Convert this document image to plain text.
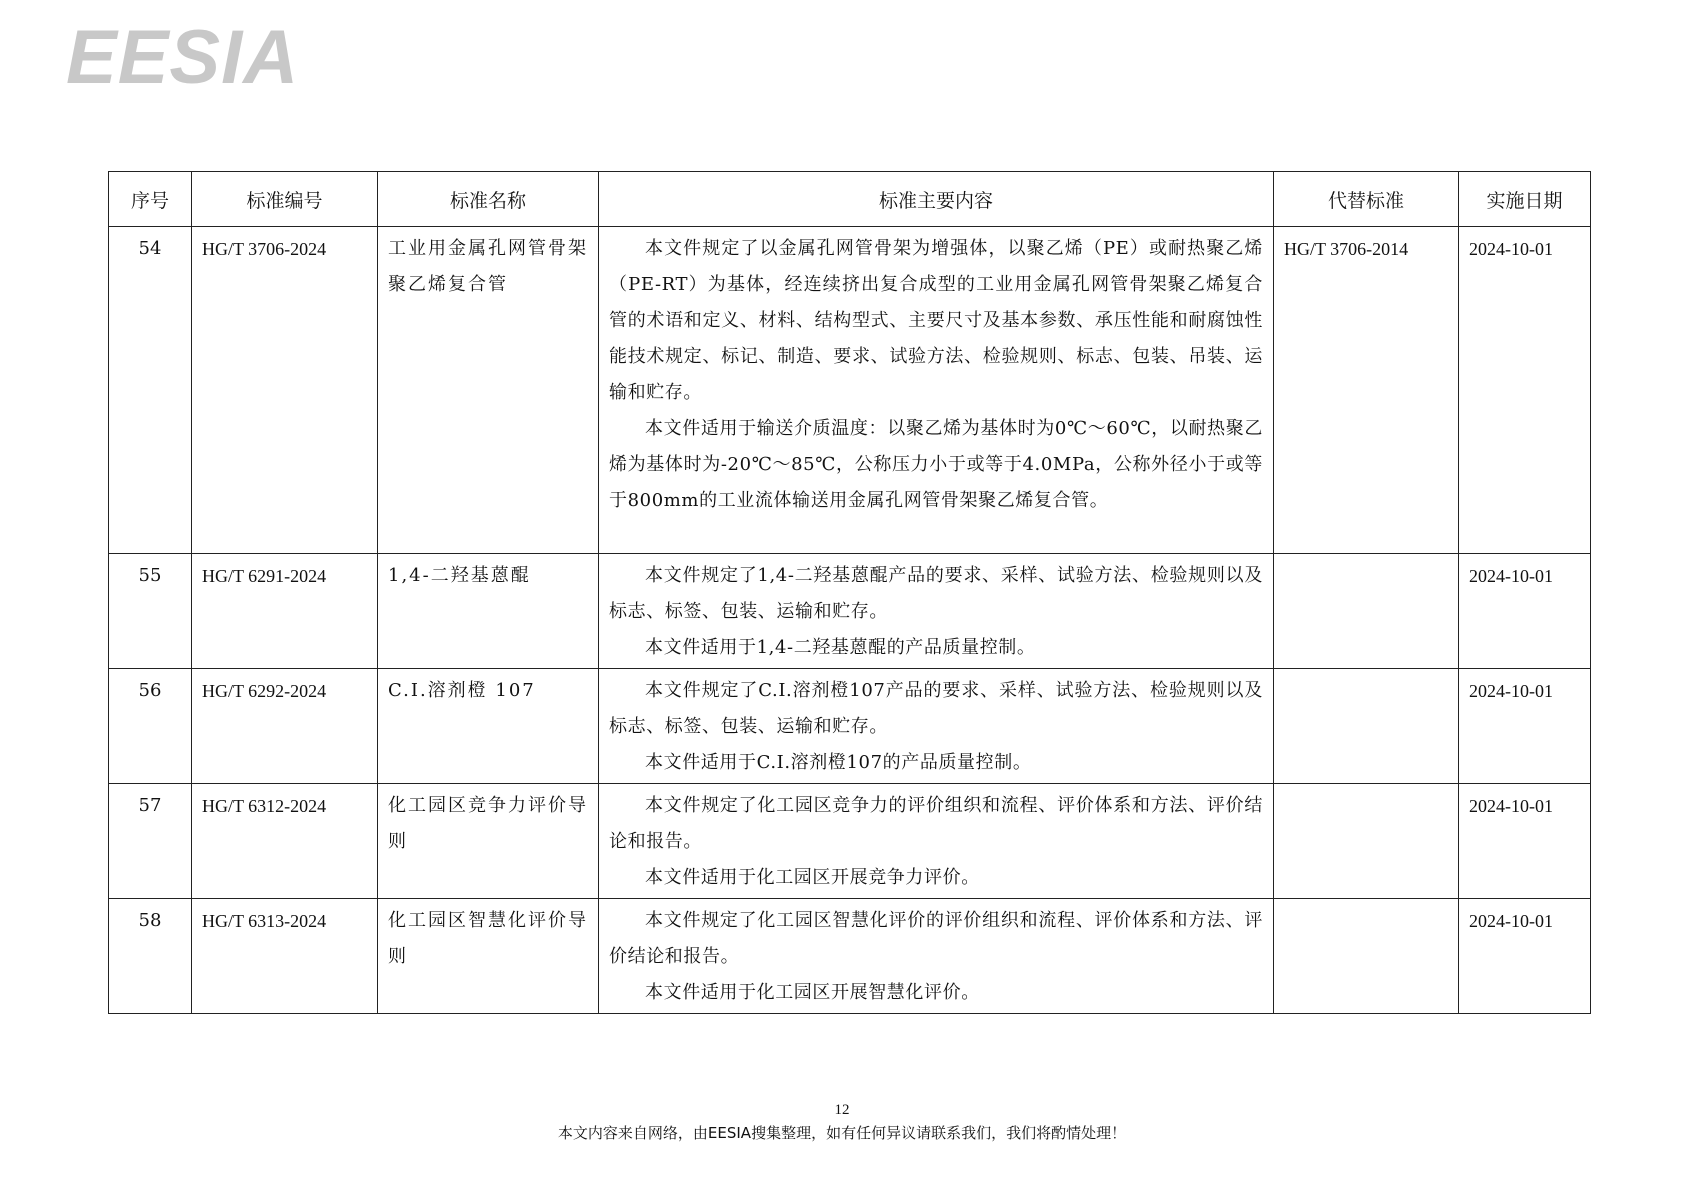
EESIA
序号	标准编号	标准名称	标准主要内容	代替标准	实施日期
54	HG/T 3706-2024	工业用金属孔网管骨架聚乙烯复合管	本文件规定了以金属孔网管骨架为增强体，以聚乙烯（PE）或耐热聚乙烯（PE-RT）为基体，经连续挤出复合成型的工业用金属孔网管骨架聚乙烯复合管的术语和定义、材料、结构型式、主要尺寸及基本参数、承压性能和耐腐蚀性能技术规定、标记、制造、要求、试验方法、检验规则、标志、包装、吊装、运输和贮存。

本文件适用于输送介质温度：以聚乙烯为基体时为0℃～60℃，以耐热聚乙烯为基体时为-20℃～85℃，公称压力小于或等于4.0MPa，公称外径小于或等于800mm的工业流体输送用金属孔网管骨架聚乙烯复合管。	HG/T 3706-2014	2024-10-01
55	HG/T 6291-2024	1,4-二羟基蒽醌	本文件规定了1,4-二羟基蒽醌产品的要求、采样、试验方法、检验规则以及标志、标签、包装、运输和贮存。

本文件适用于1,4-二羟基蒽醌的产品质量控制。		2024-10-01
56	HG/T 6292-2024	C.I.溶剂橙 107	本文件规定了C.I.溶剂橙107产品的要求、采样、试验方法、检验规则以及标志、标签、包装、运输和贮存。

本文件适用于C.I.溶剂橙107的产品质量控制。		2024-10-01
57	HG/T 6312-2024	化工园区竞争力评价导则	本文件规定了化工园区竞争力的评价组织和流程、评价体系和方法、评价结论和报告。

本文件适用于化工园区开展竞争力评价。		2024-10-01
58	HG/T 6313-2024	化工园区智慧化评价导则	本文件规定了化工园区智慧化评价的评价组织和流程、评价体系和方法、评价结论和报告。

本文件适用于化工园区开展智慧化评价。		2024-10-01
12
本文内容来自网络，由EESIA搜集整理，如有任何异议请联系我们，我们将酌情处理！
